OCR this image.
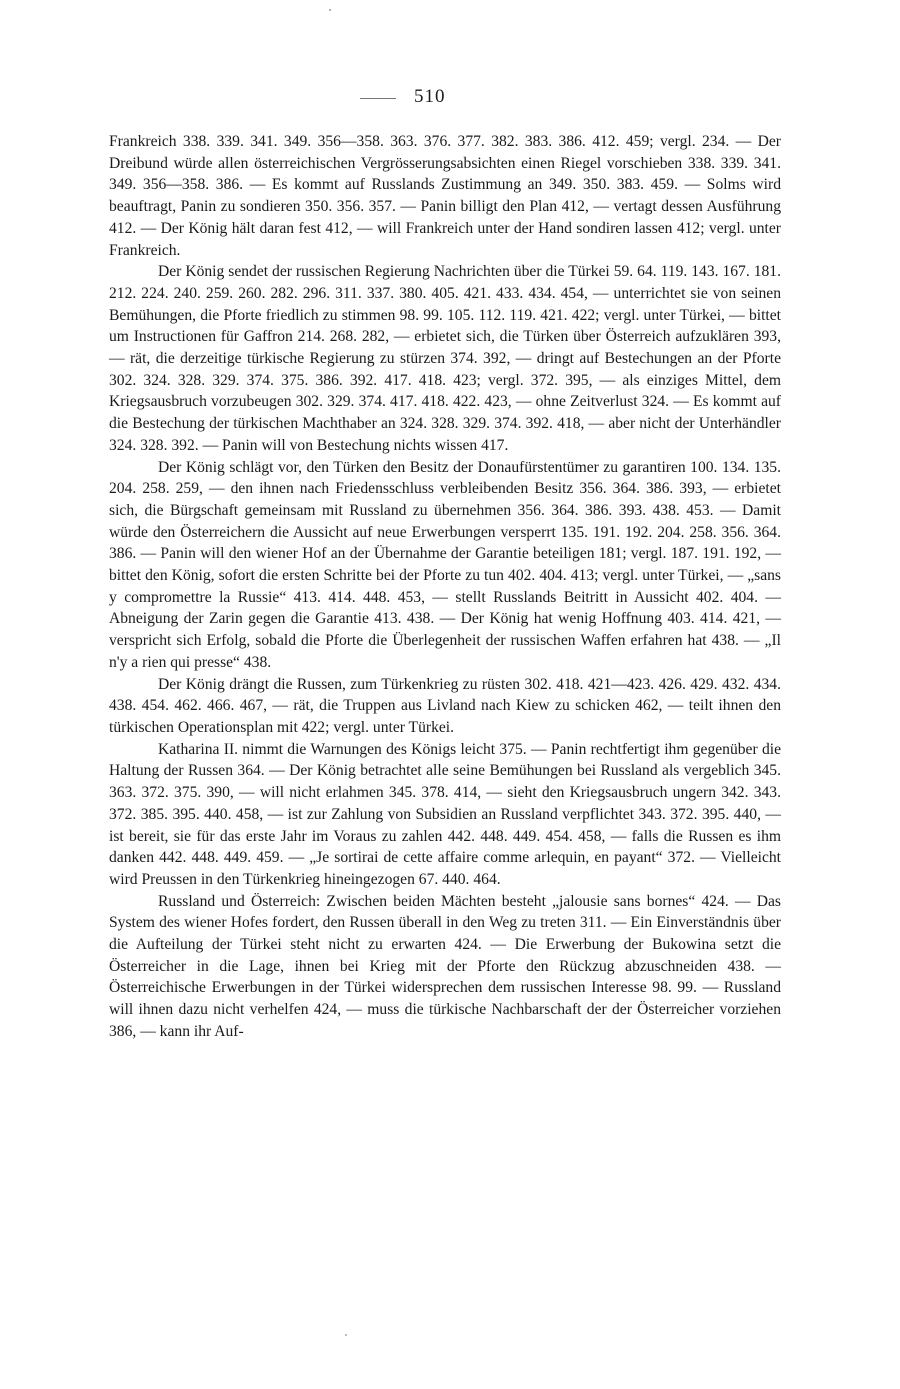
510

Frankreich 338. 339. 341. 349. 356—358. 363. 376. 377. 382. 383. 386. 412. 459; vergl. 234. — Der Dreibund würde allen österreichischen Vergrösserungsabsichten einen Riegel vorschieben 338. 339. 341. 349. 356—358. 386. — Es kommt auf Russlands Zustimmung an 349. 350. 383. 459. — Solms wird beauftragt, Panin zu sondieren 350. 356. 357. — Panin billigt den Plan 412, — vertagt dessen Ausführung 412. — Der König hält daran fest 412, — will Frankreich unter der Hand sondiren lassen 412; vergl. unter Frankreich.

Der König sendet der russischen Regierung Nachrichten über die Türkei 59. 64. 119. 143. 167. 181. 212. 224. 240. 259. 260. 282. 296. 311. 337. 380. 405. 421. 433. 434. 454, — unterrichtet sie von seinen Bemühungen, die Pforte friedlich zu stimmen 98. 99. 105. 112. 119. 421. 422; vergl. unter Türkei, — bittet um Instructionen für Gaffron 214. 268. 282, — erbietet sich, die Türken über Österreich aufzuklären 393, — rät, die derzeitige türkische Regierung zu stürzen 374. 392, — dringt auf Bestechungen an der Pforte 302. 324. 328. 329. 374. 375. 386. 392. 417. 418. 423; vergl. 372. 395, — als einziges Mittel, dem Kriegsausbruch vorzubeugen 302. 329. 374. 417. 418. 422. 423, — ohne Zeitverlust 324. — Es kommt auf die Bestechung der türkischen Machthaber an 324. 328. 329. 374. 392. 418, — aber nicht der Unterhändler 324. 328. 392. — Panin will von Bestechung nichts wissen 417.

Der König schlägt vor, den Türken den Besitz der Donaufürstentümer zu garantiren 100. 134. 135. 204. 258. 259, — den ihnen nach Friedensschluss verbleibenden Besitz 356. 364. 386. 393, — erbietet sich, die Bürgschaft gemeinsam mit Russland zu übernehmen 356. 364. 386. 393. 438. 453. — Damit würde den Österreichern die Aussicht auf neue Erwerbungen versperrt 135. 191. 192. 204. 258. 356. 364. 386. — Panin will den wiener Hof an der Übernahme der Garantie beteiligen 181; vergl. 187. 191. 192, — bittet den König, sofort die ersten Schritte bei der Pforte zu tun 402. 404. 413; vergl. unter Türkei, — „sans y compromettre la Russie“ 413. 414. 448. 453, — stellt Russlands Beitritt in Aussicht 402. 404. — Abneigung der Zarin gegen die Garantie 413. 438. — Der König hat wenig Hoffnung 403. 414. 421, — verspricht sich Erfolg, sobald die Pforte die Überlegenheit der russischen Waffen erfahren hat 438. — „Il n'y a rien qui presse“ 438.

Der König drängt die Russen, zum Türkenkrieg zu rüsten 302. 418. 421—423. 426. 429. 432. 434. 438. 454. 462. 466. 467, — rät, die Truppen aus Livland nach Kiew zu schicken 462, — teilt ihnen den türkischen Operationsplan mit 422; vergl. unter Türkei.

Katharina II. nimmt die Warnungen des Königs leicht 375. — Panin rechtfertigt ihm gegenüber die Haltung der Russen 364. — Der König betrachtet alle seine Bemühungen bei Russland als vergeblich 345. 363. 372. 375. 390, — will nicht erlahmen 345. 378. 414, — sieht den Kriegsausbruch ungern 342. 343. 372. 385. 395. 440. 458, — ist zur Zahlung von Subsidien an Russland verpflichtet 343. 372. 395. 440, — ist bereit, sie für das erste Jahr im Voraus zu zahlen 442. 448. 449. 454. 458, — falls die Russen es ihm danken 442. 448. 449. 459. — „Je sortirai de cette affaire comme arlequin, en payant“ 372. — Vielleicht wird Preussen in den Türkenkrieg hineingezogen 67. 440. 464.

Russland und Österreich: Zwischen beiden Mächten besteht „jalousie sans bornes“ 424. — Das System des wiener Hofes fordert, den Russen überall in den Weg zu treten 311. — Ein Einverständnis über die Aufteilung der Türkei steht nicht zu erwarten 424. — Die Erwerbung der Bukowina setzt die Österreicher in die Lage, ihnen bei Krieg mit der Pforte den Rückzug abzuschneiden 438. — Österreichische Erwerbungen in der Türkei widersprechen dem russischen Interesse 98. 99. — Russland will ihnen dazu nicht verhelfen 424, — muss die türkische Nachbarschaft der der Österreicher vorziehen 386, — kann ihr Auf-
